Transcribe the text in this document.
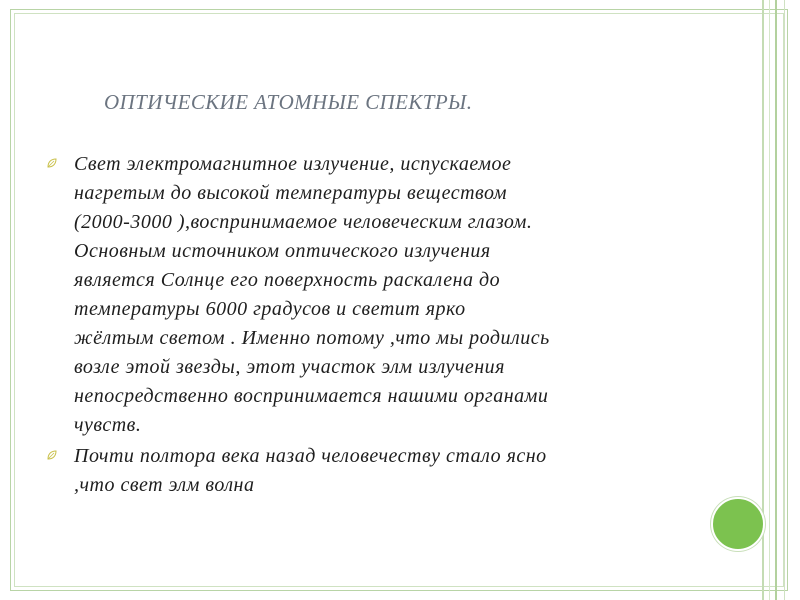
ОПТИЧЕСКИЕ АТОМНЫЕ СПЕКТРЫ.

Свет электромагнитное излучение, испускаемое
нагретым до высокой температуры веществом
(2000-3000 ),воспринимаемое человеческим глазом.
Основным источником оптического излучения
является Солнце его поверхность раскалена до
температуры 6000 градусов и светит ярко
жёлтым светом . Именно потому ,что мы родились
возле этой звезды, этот участок элм излучения
непосредственно воспринимается нашими органами
чувств.

Почти полтора века назад человечеству стало ясно
,что свет элм волна
